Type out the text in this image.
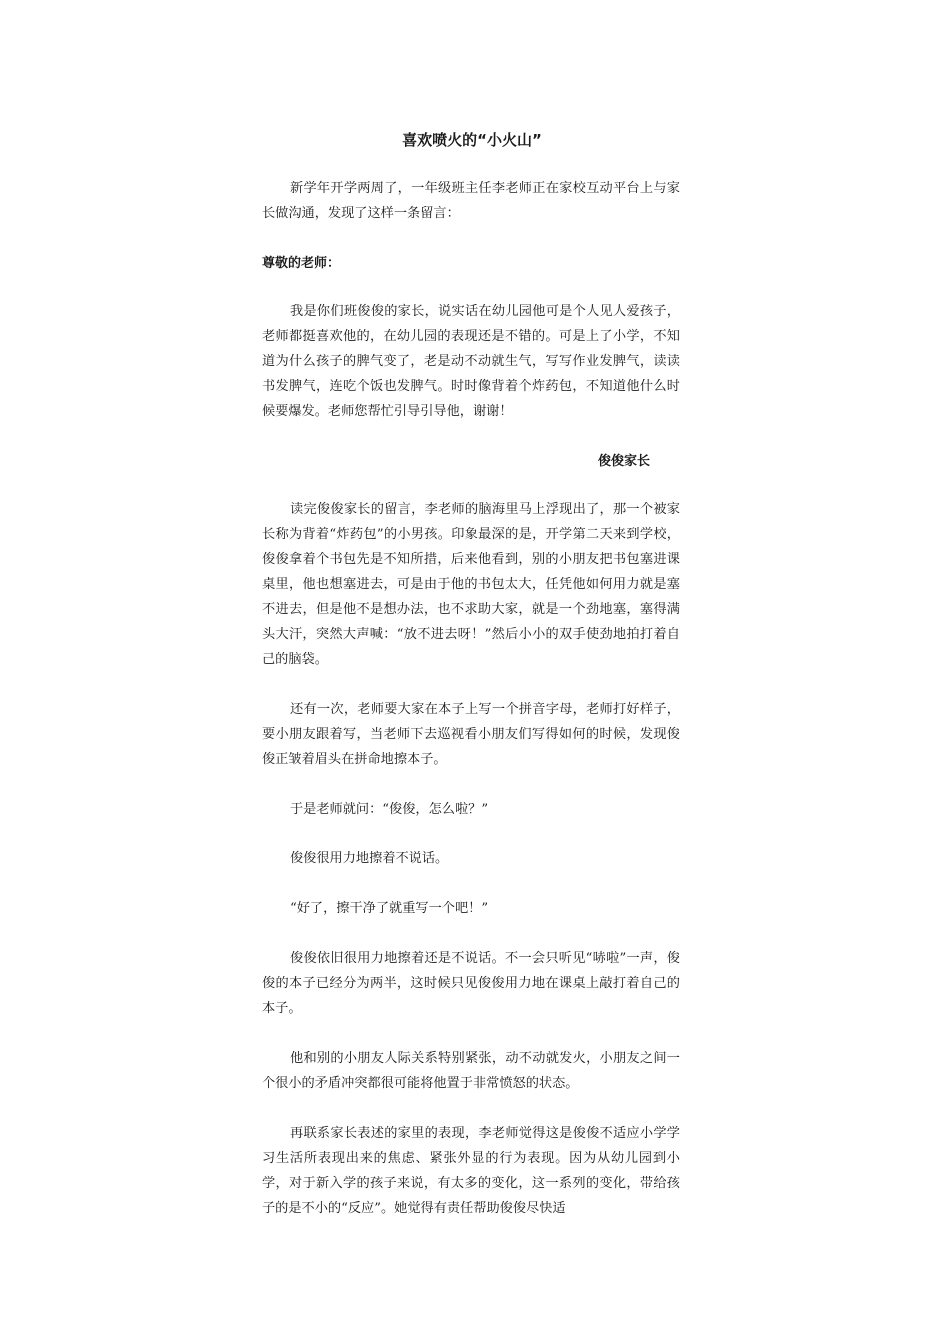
喜欢喷火的“小火山”

新学年开学两周了，一年级班主任李老师正在家校互动平台上与家长做沟通，发现了这样一条留言：

尊敬的老师：

我是你们班俊俊的家长，说实话在幼儿园他可是个人见人爱孩子，老师都挺喜欢他的，在幼儿园的表现还是不错的。可是上了小学，不知道为什么孩子的脾气变了，老是动不动就生气，写写作业发脾气，读读书发脾气，连吃个饭也发脾气。时时像背着个炸药包，不知道他什么时候要爆发。老师您帮忙引导引导他，谢谢！

俊俊家长

读完俊俊家长的留言，李老师的脑海里马上浮现出了，那一个被家长称为背着“炸药包”的小男孩。印象最深的是，开学第二天来到学校，俊俊拿着个书包先是不知所措，后来他看到，别的小朋友把书包塞进课桌里，他也想塞进去，可是由于他的书包太大，任凭他如何用力就是塞不进去，但是他不是想办法，也不求助大家，就是一个劲地塞，塞得满头大汗，突然大声喊：“放不进去呀！”然后小小的双手使劲地拍打着自己的脑袋。

还有一次，老师要大家在本子上写一个拼音字母，老师打好样子，要小朋友跟着写，当老师下去巡视看小朋友们写得如何的时候，发现俊俊正皱着眉头在拼命地擦本子。

于是老师就问：“俊俊，怎么啦？”

俊俊很用力地擦着不说话。

“好了，擦干净了就重写一个吧！”

俊俊依旧很用力地擦着还是不说话。不一会只听见“哧啦”一声，俊俊的本子已经分为两半，这时候只见俊俊用力地在课桌上敲打着自己的本子。

他和别的小朋友人际关系特别紧张，动不动就发火，小朋友之间一个很小的矛盾冲突都很可能将他置于非常愤怒的状态。

再联系家长表述的家里的表现，李老师觉得这是俊俊不适应小学学习生活所表现出来的焦虑、紧张外显的行为表现。因为从幼儿园到小学，对于新入学的孩子来说，有太多的变化，这一系列的变化，带给孩子的是不小的“反应”。她觉得有责任帮助俊俊尽快适
